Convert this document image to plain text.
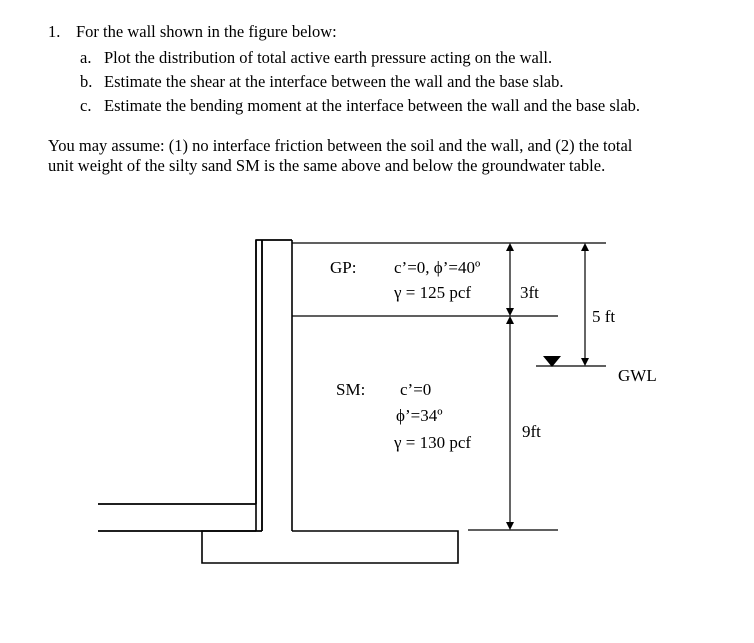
1. For the wall shown in the figure below:
a. Plot the distribution of total active earth pressure acting on the wall.
b. Estimate the shear at the interface between the wall and the base slab.
c. Estimate the bending moment at the interface between the wall and the base slab.
You may assume: (1) no interface friction between the soil and the wall, and (2) the total
unit weight of the silty sand SM is the same above and below the groundwater table.
GP: c’=0, ϕ’=40º
γ = 125 pcf	3ft
5 ft
GWL
SM: c’=0
ϕ’=34º
γ = 130 pcf
9ft
